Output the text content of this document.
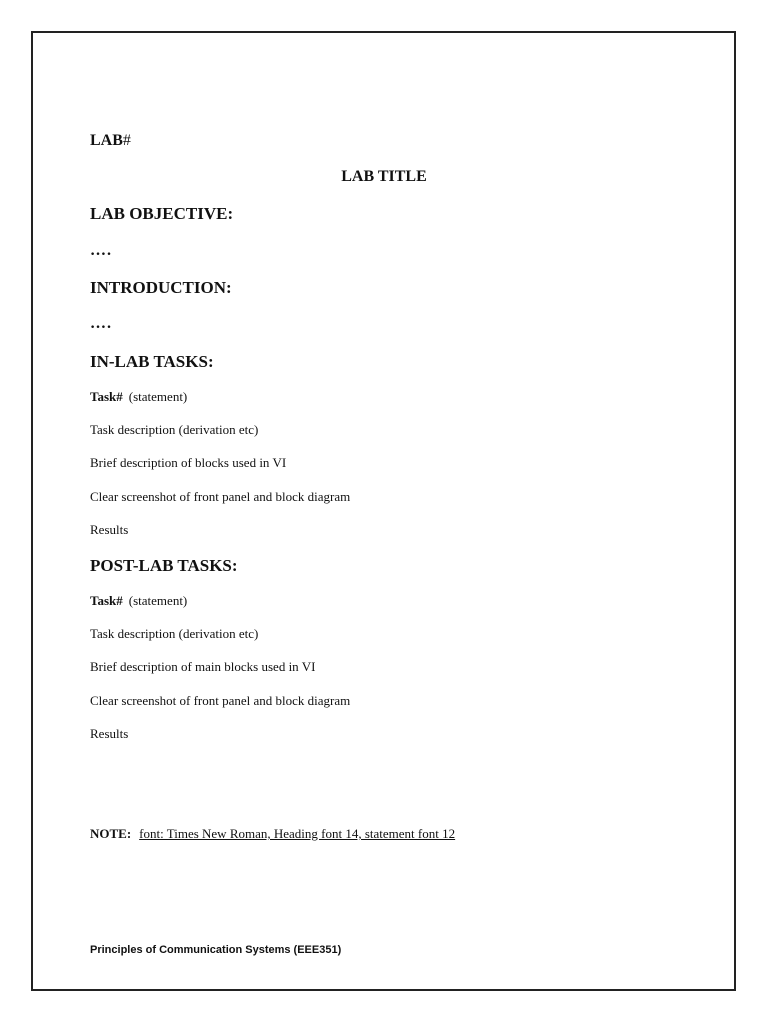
LAB#

LAB TITLE

LAB OBJECTIVE:

….

INTRODUCTION:

….

IN-LAB TASKS:

Task# (statement)

Task description (derivation etc)

Brief description of blocks used in VI

Clear screenshot of front panel and block diagram

Results

POST-LAB TASKS:

Task# (statement)

Task description (derivation etc)

Brief description of main blocks used in VI

Clear screenshot of front panel and block diagram

Results

NOTE: font: Times New Roman, Heading font 14, statement font 12

Principles of Communication Systems (EEE351)
